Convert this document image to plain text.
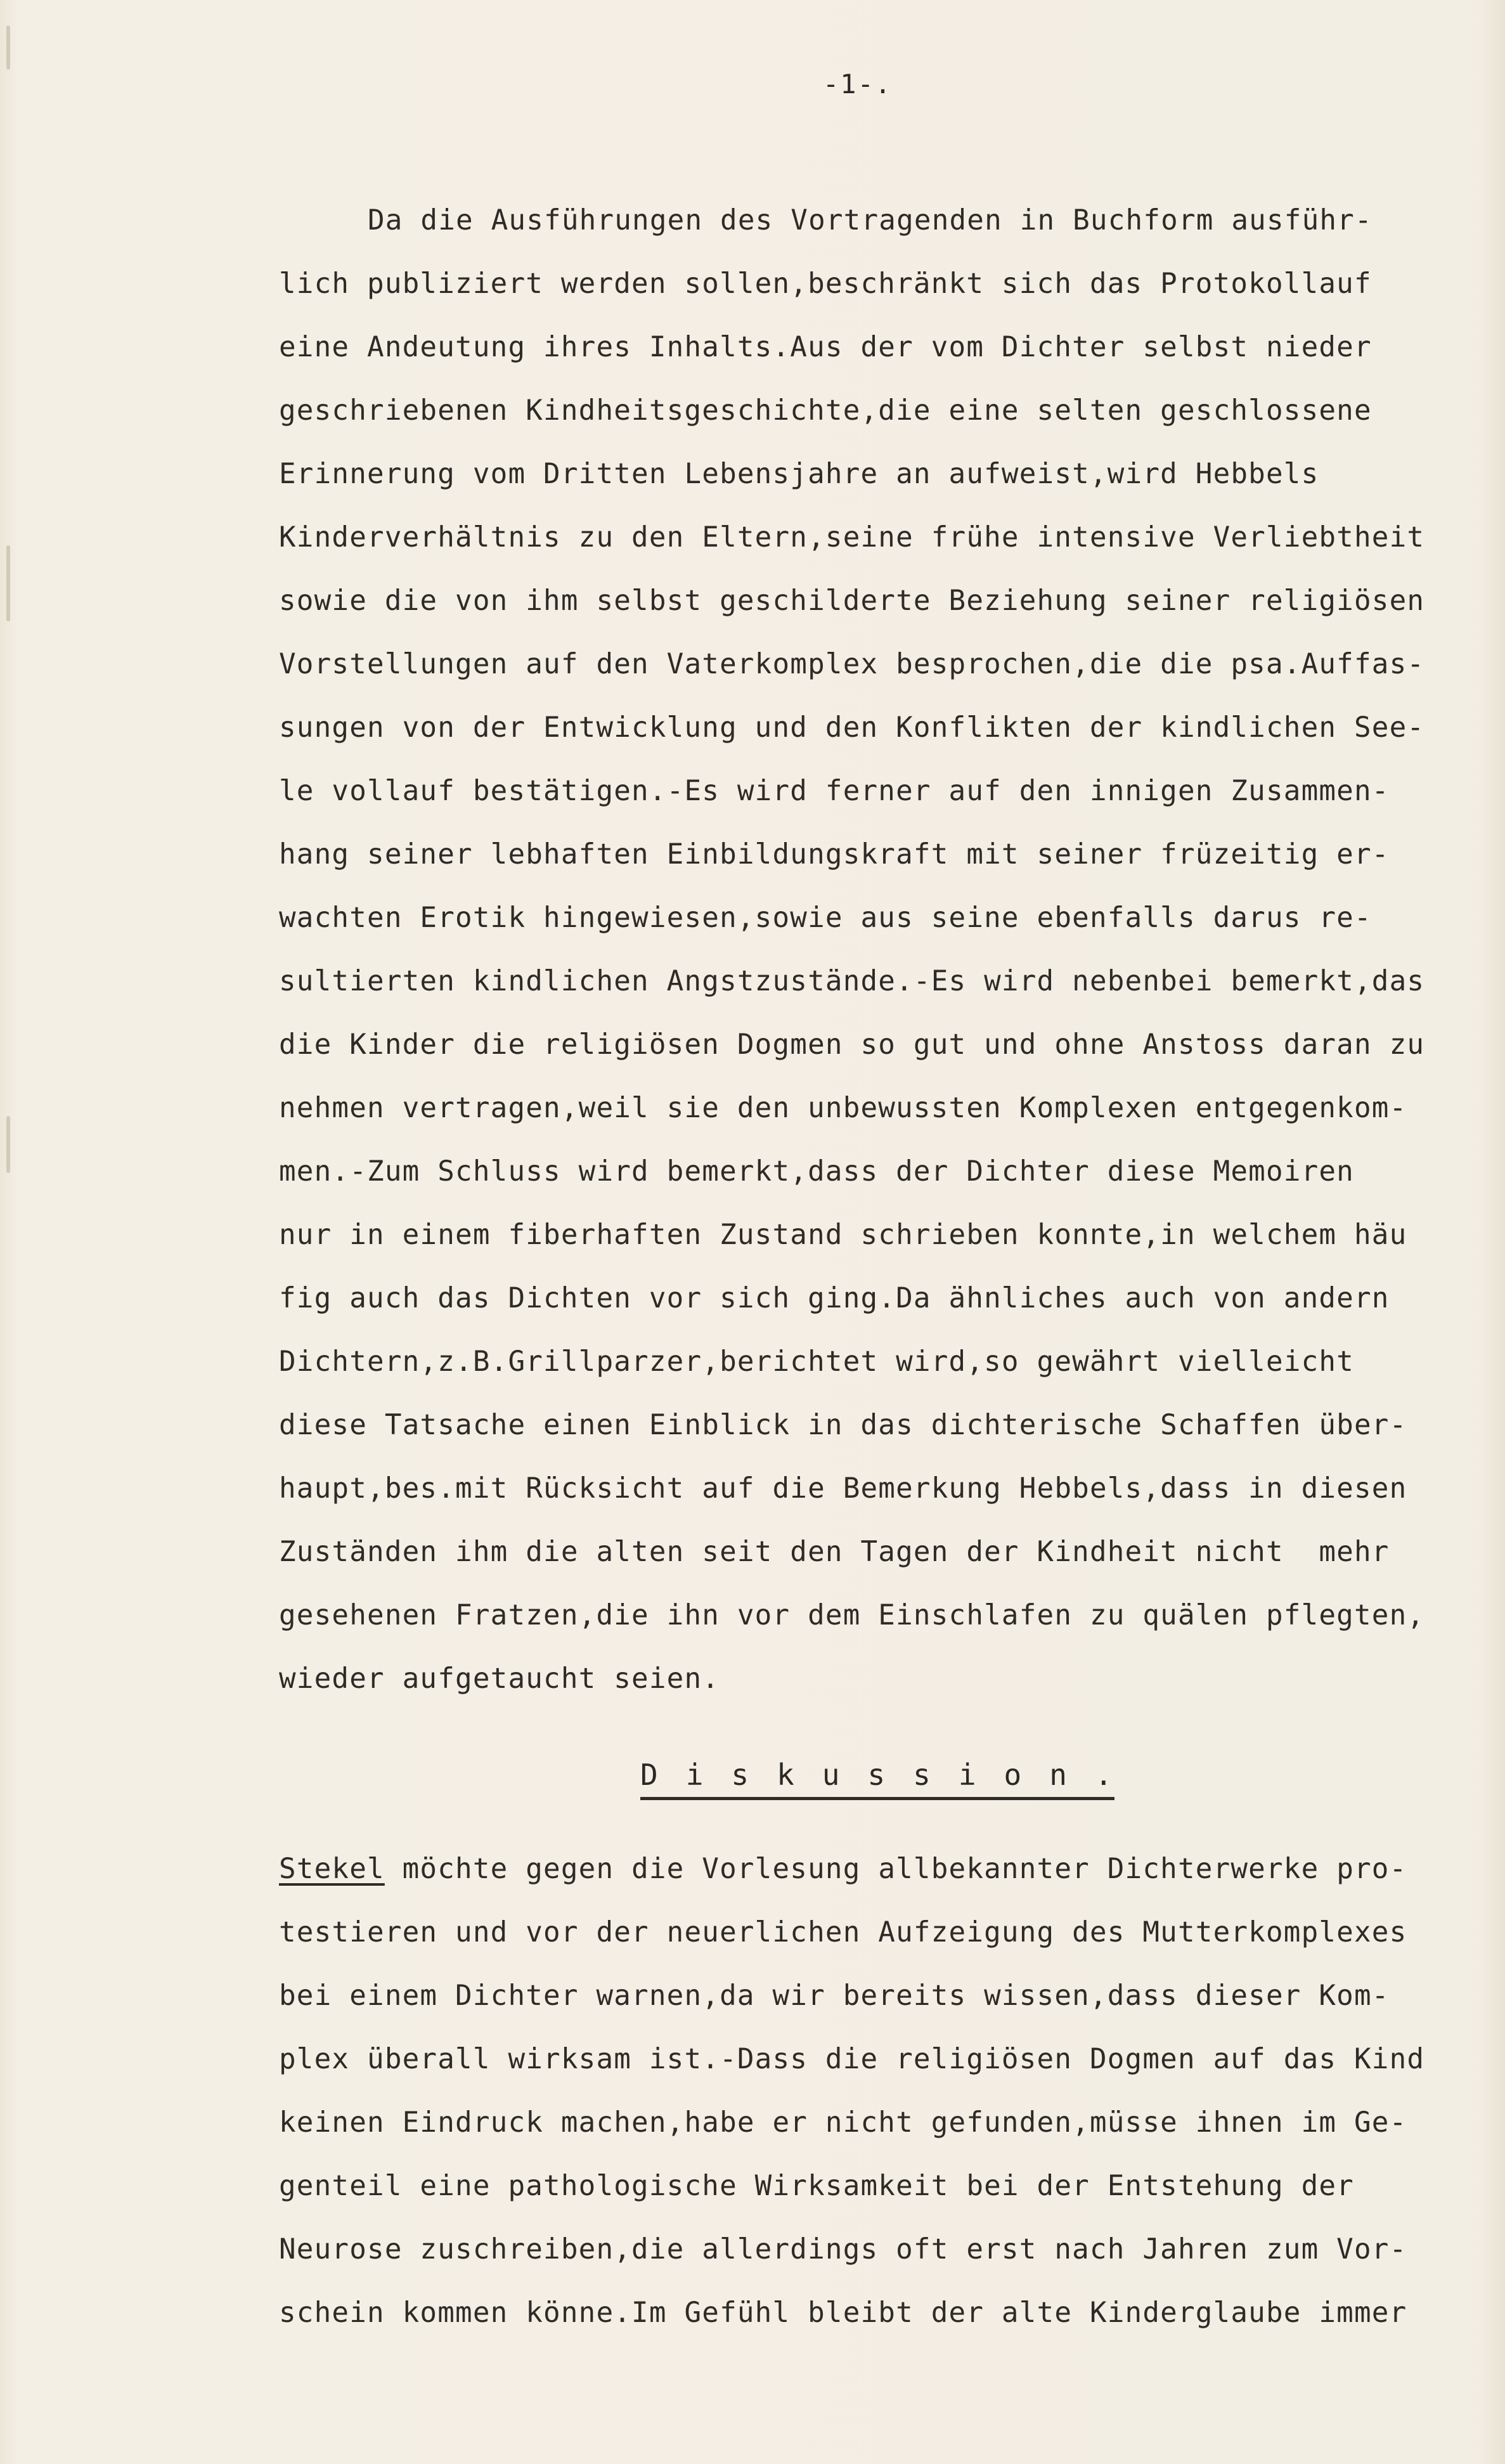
-1-.
Da die Ausführungen des Vortragenden in Buchform ausführ-
lich publiziert werden sollen,beschränkt sich das Protokollauf
eine Andeutung ihres Inhalts.Aus der vom Dichter selbst nieder
geschriebenen Kindheitsgeschichte,die eine selten geschlossene
Erinnerung vom Dritten Lebensjahre an aufweist,wird Hebbels
Kinderverhältnis zu den Eltern,seine frühe intensive Verliebtheit
sowie die von ihm selbst geschilderte Beziehung seiner religiösen
Vorstellungen auf den Vaterkomplex besprochen,die die psa.Auffas-
sungen von der Entwicklung und den Konflikten der kindlichen See-
le vollauf bestätigen.-Es wird ferner auf den innigen Zusammen-
hang seiner lebhaften Einbildungskraft mit seiner früzeitig er-
wachten Erotik hingewiesen,sowie aus seine ebenfalls darus re-
sultierten kindlichen Angstzustände.-Es wird nebenbei bemerkt,das
die Kinder die religiösen Dogmen so gut und ohne Anstoss daran zu
nehmen vertragen,weil sie den unbewussten Komplexen entgegenkom-
men.-Zum Schluss wird bemerkt,dass der Dichter diese Memoiren
nur in einem fiberhaften Zustand schrieben konnte,in welchem häu
fig auch das Dichten vor sich ging.Da ähnliches auch von andern
Dichtern,z.B.Grillparzer,berichtet wird,so gewährt vielleicht
diese Tatsache einen Einblick in das dichterische Schaffen über-
haupt,bes.mit Rücksicht auf die Bemerkung Hebbels,dass in diesen
Zuständen ihm die alten seit den Tagen der Kindheit nicht  mehr
gesehenen Fratzen,die ihn vor dem Einschlafen zu quälen pflegten,
wieder aufgetaucht seien.
Diskussion.
Stekel möchte gegen die Vorlesung allbekannter Dichterwerke pro-
testieren und vor der neuerlichen Aufzeigung des Mutterkomplexes
bei einem Dichter warnen,da wir bereits wissen,dass dieser Kom-
plex überall wirksam ist.-Dass die religiösen Dogmen auf das Kind
keinen Eindruck machen,habe er nicht gefunden,müsse ihnen im Ge-
genteil eine pathologische Wirksamkeit bei der Entstehung der
Neurose zuschreiben,die allerdings oft erst nach Jahren zum Vor-
schein kommen könne.Im Gefühl bleibt der alte Kinderglaube immer
